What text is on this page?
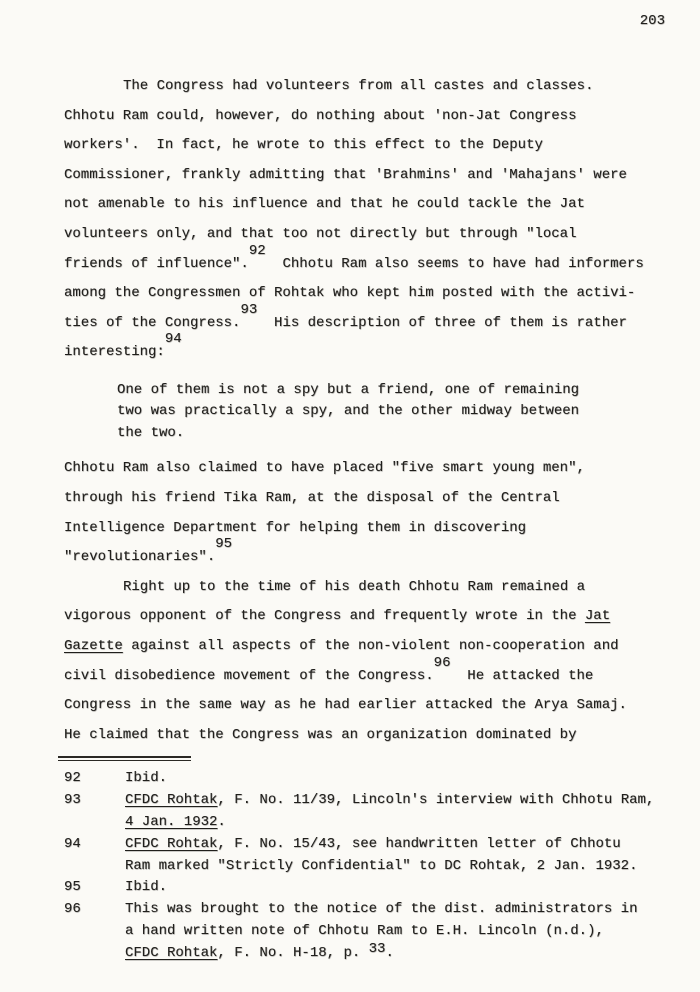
203
The Congress had volunteers from all castes and classes.
Chhotu Ram could, however, do nothing about 'non-Jat Congress
workers'.  In fact, he wrote to this effect to the Deputy
Commissioner, frankly admitting that 'Brahmins' and 'Mahajans' were
not amenable to his influence and that he could tackle the Jat
volunteers only, and that too not directly but through "local
friends of influence".92  Chhotu Ram also seems to have had informers
among the Congressmen of Rohtak who kept him posted with the activi-
ties of the Congress.93  His description of three of them is rather
interesting:94
One of them is not a spy but a friend, one of remaining
two was practically a spy, and the other midway between
the two.
Chhotu Ram also claimed to have placed "five smart young men",
through his friend Tika Ram, at the disposal of the Central
Intelligence Department for helping them in discovering
"revolutionaries".95
Right up to the time of his death Chhotu Ram remained a
vigorous opponent of the Congress and frequently wrote in the Jat
Gazette against all aspects of the non-violent non-cooperation and
civil disobedience movement of the Congress.96  He attacked the
Congress in the same way as he had earlier attacked the Arya Samaj.
He claimed that the Congress was an organization dominated by
92	Ibid.
93	CFDC Rohtak, F. No. 11/39, Lincoln's interview with Chhotu Ram,
4 Jan. 1932.
94	CFDC Rohtak, F. No. 15/43, see handwritten letter of Chhotu
Ram marked "Strictly Confidential" to DC Rohtak, 2 Jan. 1932.
95	Ibid.
96	This was brought to the notice of the dist. administrators in
a hand written note of Chhotu Ram to E.H. Lincoln (n.d.),
CFDC Rohtak, F. No. H-18, p. 33.
